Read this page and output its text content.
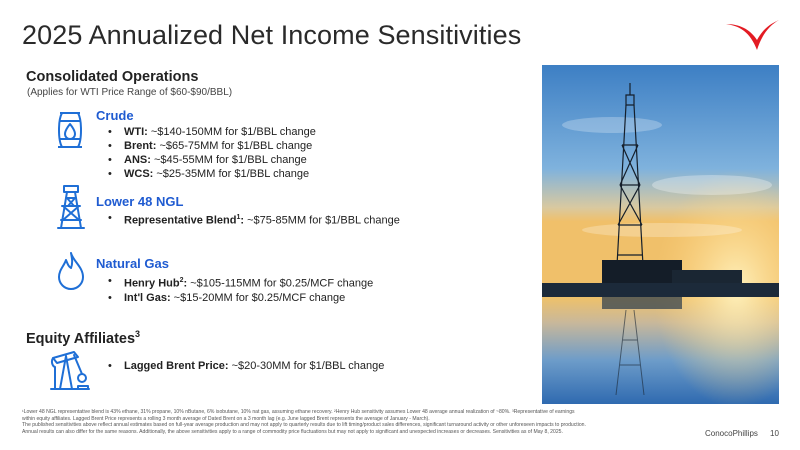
2025 Annualized Net Income Sensitivities
Consolidated Operations
(Applies for WTI Price Range of $60-$90/BBL)
Crude
• WTI: ~$140-150MM for $1/BBL change
• Brent: ~$65-75MM for $1/BBL change
• ANS: ~$45-55MM for $1/BBL change
• WCS: ~$25-35MM for $1/BBL change
Lower 48 NGL
• Representative Blend$^1$: ~$75-85MM for $1/BBL change
Natural Gas
• Henry Hub$^2$: ~$105-115MM for $0.25/MCF change
• Int'l Gas: ~$15-20MM for $0.25/MCF change
Equity Affiliates$^3$
• Lagged Brent Price: ~$20-30MM for $1/BBL change
¹Lower 48 NGL representative blend is 43% ethane, 31% propane, 10% nButane, 6% isobutane, 10% nat gas, assuming ethane recovery. ²Henry Hub sensitivity assumes Lower 48 average annual realization of ~80%. ³Representative of earnings
within equity affiliates. Lagged Brent Price represents a rolling 3 month average of Dated Brent on a 3 month lag (e.g. June lagged Brent represents the average of January - March).
The published sensitivities above reflect annual estimates based on full-year average production and may not apply to quarterly results due to lift timing/product sales differences, significant turnaround activity or other unforeseen impacts to production.
Annual results can also differ for the same reasons. Additionally, the above sensitivities apply to a range of commodity price fluctuations but may not apply to significant and unexpected increases or decreases. Sensitivities as of May 8, 2025.	ConocoPhillips 10
